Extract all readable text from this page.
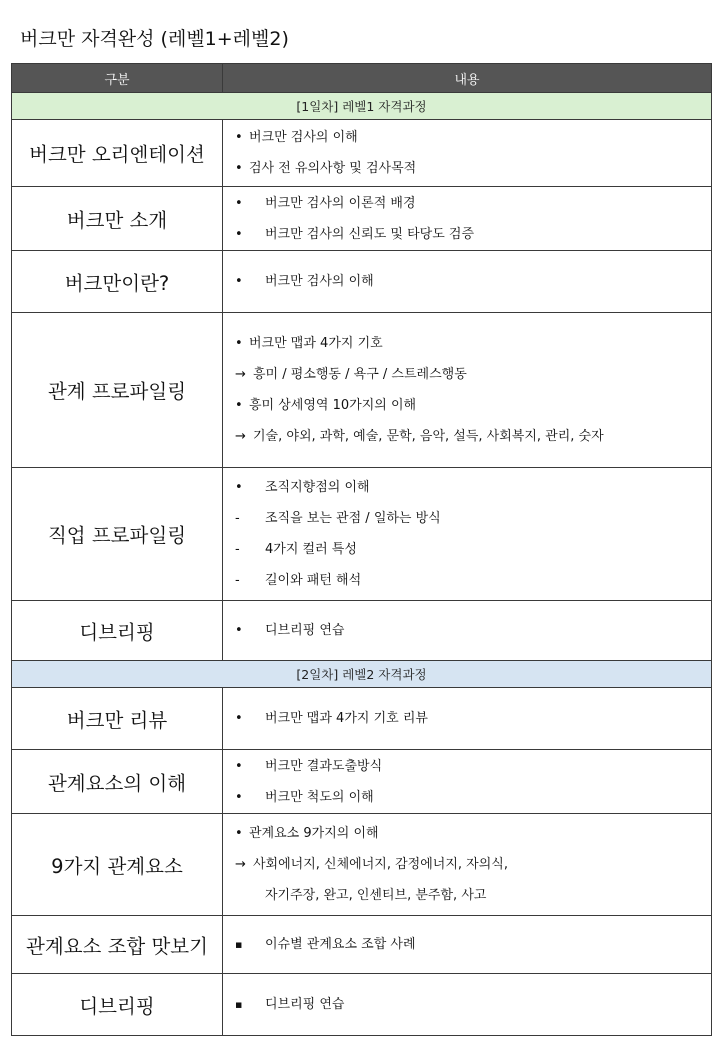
버크만 자격완성 (레벨1+레벨2)
구분	내용
[1일차] 레벨1 자격과정	
버크만 오리엔테이션	• 버크만 검사의 이해
• 검사 전 유의사항 및 검사목적

버크만 소개	• 버크만 검사의 이론적 배경
• 버크만 검사의 신뢰도 및 타당도 검증

버크만이란?	• 버크만 검사의 이해

관계 프로파일링	• 버크만 맵과 4가지 기호
→ 흥미 / 평소행동 / 욕구 / 스트레스행동
• 흥미 상세영역 10가지의 이해
→ 기술, 야외, 과학, 예술, 문학, 음악, 설득, 사회복지, 관리, 숫자

직업 프로파일링	• 조직지향점의 이해
- 조직을 보는 관점 / 일하는 방식
- 4가지 컬러 특성
- 길이와 패턴 해석

디브리핑	• 디브리핑 연습

[2일차] 레벨2 자격과정	
버크만 리뷰	• 버크만 맵과 4가지 기호 리뷰

관계요소의 이해	• 버크만 결과도출방식
• 버크만 척도의 이해

9가지 관계요소	• 관계요소 9가지의 이해
→ 사회에너지, 신체에너지, 감정에너지, 자의식,
자기주장, 완고, 인센티브, 분주함, 사고

관계요소 조합 맛보기	▪ 이슈별 관계요소 조합 사례

디브리핑	▪ 디브리핑 연습
